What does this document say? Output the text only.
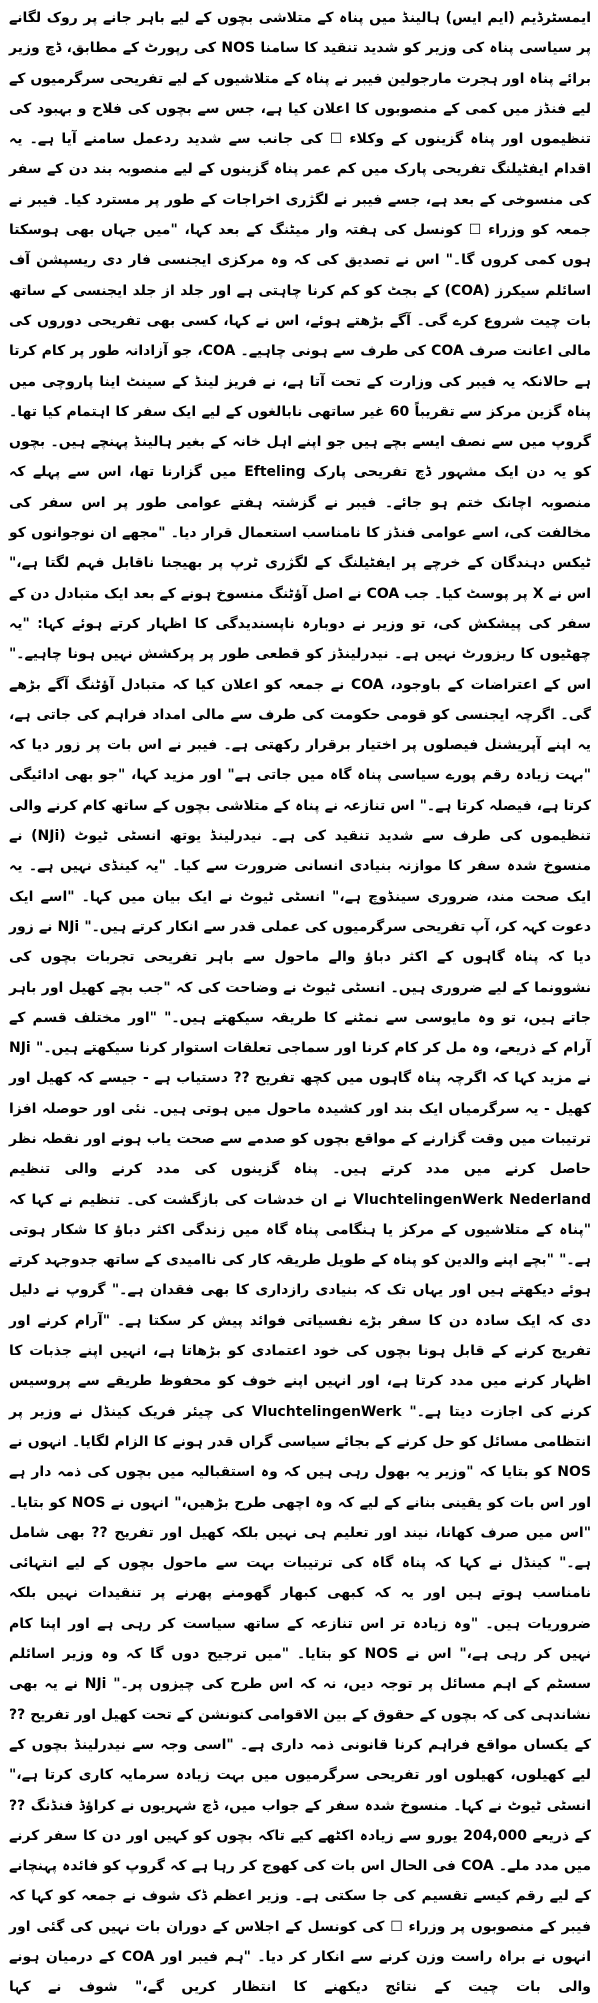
ایمسٹرڈیم (ایم ایس) ہالینڈ میں پناہ کے متلاشی بچوں کے لیے باہر جانے پر روک لگانے پر سیاسی پناہ کی وزیر کو شدید تنقید کا سامنا NOS کی رپورٹ کے مطابق، ڈچ وزیر برائے پناہ اور ہجرت مارجولین فیبر نے پناہ کے متلاشیوں کے لیے تفریحی سرگرمیوں کے لیے فنڈز میں کمی کے منصوبوں کا اعلان کیا ہے، جس سے بچوں کی فلاح و بہبود کی تنظیموں اور پناہ گزینوں کے وکلاء ☐ کی جانب سے شدید ردعمل سامنے آیا ہے۔ یہ اقدام ایفٹیلنگ تفریحی پارک میں کم عمر پناہ گزینوں کے لیے منصوبہ بند دن کے سفر کی منسوخی کے بعد ہے، جسے فیبر نے لگژری اخراجات کے طور پر مسترد کیا۔ فیبر نے جمعہ کو وزراء ☐ کونسل کی ہفتہ وار میٹنگ کے بعد کہا، "میں جہاں بھی ہوسکتا ہوں کمی کروں گا۔" اس نے تصدیق کی کہ وہ مرکزی ایجنسی فار دی ریسپشن آف اسائلم سیکرز (COA) کے بجٹ کو کم کرنا چاہتی ہے اور جلد از جلد ایجنسی کے ساتھ بات چیت شروع کرے گی۔ آگے بڑھتے ہوئے، اس نے کہا، کسی بھی تفریحی دوروں کی مالی اعانت صرف COA کی طرف سے ہونی چاہیے۔ COA، جو آزادانہ طور پر کام کرتا ہے حالانکہ یہ فیبر کی وزارت کے تحت آتا ہے، نے فریز لینڈ کے سینٹ اینا پاروچی میں پناہ گزین مرکز سے تقریباً 60 غیر ساتھی نابالغوں کے لیے ایک سفر کا اہتمام کیا تھا۔ گروپ میں سے نصف ایسے بچے ہیں جو اپنے اہل خانہ کے بغیر ہالینڈ پہنچے ہیں۔ بچوں کو یہ دن ایک مشہور ڈچ تفریحی پارک Efteling میں گزارنا تھا، اس سے پہلے کہ منصوبہ اچانک ختم ہو جائے۔ فیبر نے گزشتہ ہفتے عوامی طور پر اس سفر کی مخالفت کی، اسے عوامی فنڈز کا نامناسب استعمال قرار دیا۔ "مجھے ان نوجوانوں کو ٹیکس دہندگان کے خرچے پر ایفٹیلنگ کے لگژری ٹرپ پر بھیجنا ناقابل فہم لگتا ہے،" اس نے X پر پوسٹ کیا۔ جب COA نے اصل آؤٹنگ منسوخ ہونے کے بعد ایک متبادل دن کے سفر کی پیشکش کی، تو وزیر نے دوبارہ ناپسندیدگی کا اظہار کرتے ہوئے کہا: "یہ چھٹیوں کا ریزورٹ نہیں ہے۔ نیدرلینڈز کو قطعی طور پر پرکشش نہیں ہونا چاہیے۔" اس کے اعتراضات کے باوجود، COA نے جمعہ کو اعلان کیا کہ متبادل آؤٹنگ آگے بڑھے گی۔ اگرچہ ایجنسی کو قومی حکومت کی طرف سے مالی امداد فراہم کی جاتی ہے، یہ اپنے آپریشنل فیصلوں پر اختیار برقرار رکھتی ہے۔ فیبر نے اس بات پر زور دیا کہ "بہت زیادہ رقم پورے سیاسی پناہ گاہ میں جاتی ہے" اور مزید کہا، "جو بھی ادائیگی کرتا ہے، فیصلہ کرتا ہے۔" اس تنازعہ نے پناہ کے متلاشی بچوں کے ساتھ کام کرنے والی تنظیموں کی طرف سے شدید تنقید کی ہے۔ نیدرلینڈ یوتھ انسٹی ٹیوٹ (NJi) نے منسوخ شدہ سفر کا موازنہ بنیادی انسانی ضرورت سے کیا۔ "یہ کینڈی نہیں ہے۔ یہ ایک صحت مند، ضروری سینڈوچ ہے،" انسٹی ٹیوٹ نے ایک بیان میں کہا۔ "اسے ایک دعوت کہہ کر، آپ تفریحی سرگرمیوں کی عملی قدر سے انکار کرتے ہیں۔" NJi نے زور دیا کہ پناہ گاہوں کے اکثر دباؤ والے ماحول سے باہر تفریحی تجربات بچوں کی نشوونما کے لیے ضروری ہیں۔ انسٹی ٹیوٹ نے وضاحت کی کہ "جب بچے کھیل اور باہر جاتے ہیں، تو وہ مایوسی سے نمٹنے کا طریقہ سیکھتے ہیں۔" "اور مختلف قسم کے آرام کے ذریعے، وہ مل کر کام کرنا اور سماجی تعلقات استوار کرنا سیکھتے ہیں۔" NJi نے مزید کہا کہ اگرچہ پناہ گاہوں میں کچھ تفریح ?? دستیاب ہے - جیسے کہ کھیل اور کھیل - یہ سرگرمیاں ایک بند اور کشیدہ ماحول میں ہوتی ہیں۔ نئی اور حوصلہ افزا ترتیبات میں وقت گزارنے کے مواقع بچوں کو صدمے سے صحت یاب ہونے اور نقطہ نظر حاصل کرنے میں مدد کرتے ہیں۔ پناہ گزینوں کی مدد کرنے والی تنظیم VluchtelingenWerk Nederland نے ان خدشات کی بازگشت کی۔ تنظیم نے کہا کہ "پناہ کے متلاشیوں کے مرکز یا ہنگامی پناہ گاہ میں زندگی اکثر دباؤ کا شکار ہوتی ہے۔" "بچے اپنے والدین کو پناہ کے طویل طریقہ کار کی ناامیدی کے ساتھ جدوجہد کرتے ہوئے دیکھتے ہیں اور یہاں تک کہ بنیادی رازداری کا بھی فقدان ہے۔" گروپ نے دلیل دی کہ ایک سادہ دن کا سفر بڑے نفسیاتی فوائد پیش کر سکتا ہے۔ "آرام کرنے اور تفریح کرنے کے قابل ہونا بچوں کی خود اعتمادی کو بڑھاتا ہے، انہیں اپنے جذبات کا اظہار کرنے میں مدد کرتا ہے، اور انہیں اپنے خوف کو محفوظ طریقے سے پروسیس کرنے کی اجازت دیتا ہے۔" VluchtelingenWerk کی چیئر فریک کینڈل نے وزیر پر انتظامی مسائل کو حل کرنے کے بجائے سیاسی گراں قدر ہونے کا الزام لگایا۔ انہوں نے NOS کو بتایا کہ "وزیر یہ بھول رہی ہیں کہ وہ استقبالیہ میں بچوں کی ذمہ دار ہے اور اس بات کو یقینی بنانے کے لیے کہ وہ اچھی طرح بڑھیں،" انہوں نے NOS کو بتایا۔ "اس میں صرف کھانا، نیند اور تعلیم ہی نہیں بلکہ کھیل اور تفریح ?? بھی شامل ہے۔" کینڈل نے کہا کہ پناہ گاہ کی ترتیبات بہت سے ماحول بچوں کے لیے انتہائی نامناسب ہوتے ہیں اور یہ کہ کبھی کبھار گھومنے پھرنے پر تنقیدات نہیں بلکہ ضروریات ہیں۔ "وہ زیادہ تر اس تنازعہ کے ساتھ سیاست کر رہی ہے اور اپنا کام نہیں کر رہی ہے،" اس نے NOS کو بتایا۔ "میں ترجیح دوں گا کہ وہ وزیر اسائلم سسٹم کے اہم مسائل پر توجہ دیں، نہ کہ اس طرح کی چیزوں پر۔" NJi نے یہ بھی نشاندہی کی کہ بچوں کے حقوق کے بین الاقوامی کنونشن کے تحت کھیل اور تفریح ?? کے یکساں مواقع فراہم کرنا قانونی ذمہ داری ہے۔ "اسی وجہ سے نیدرلینڈ بچوں کے لیے کھیلوں، کھیلوں اور تفریحی سرگرمیوں میں بہت زیادہ سرمایہ کاری کرتا ہے،" انسٹی ٹیوٹ نے کہا۔ منسوخ شدہ سفر کے جواب میں، ڈچ شہریوں نے کراؤڈ فنڈنگ ?? کے ذریعے 204,000 یورو سے زیادہ اکٹھے کیے تاکہ بچوں کو کہیں اور دن کا سفر کرنے میں مدد ملے۔ COA فی الحال اس بات کی کھوج کر رہا ہے کہ گروپ کو فائدہ پہنچانے کے لیے رقم کیسے تقسیم کی جا سکتی ہے۔ وزیر اعظم ڈک شوف نے جمعہ کو کہا کہ فیبر کے منصوبوں پر وزراء ☐ کی کونسل کے اجلاس کے دوران بات نہیں کی گئی اور انہوں نے براہ راست وزن کرنے سے انکار کر دیا۔ "ہم فیبر اور COA کے درمیان ہونے والی بات چیت کے نتائج دیکھنے کا انتظار کریں گے،" شوف نے کہا
